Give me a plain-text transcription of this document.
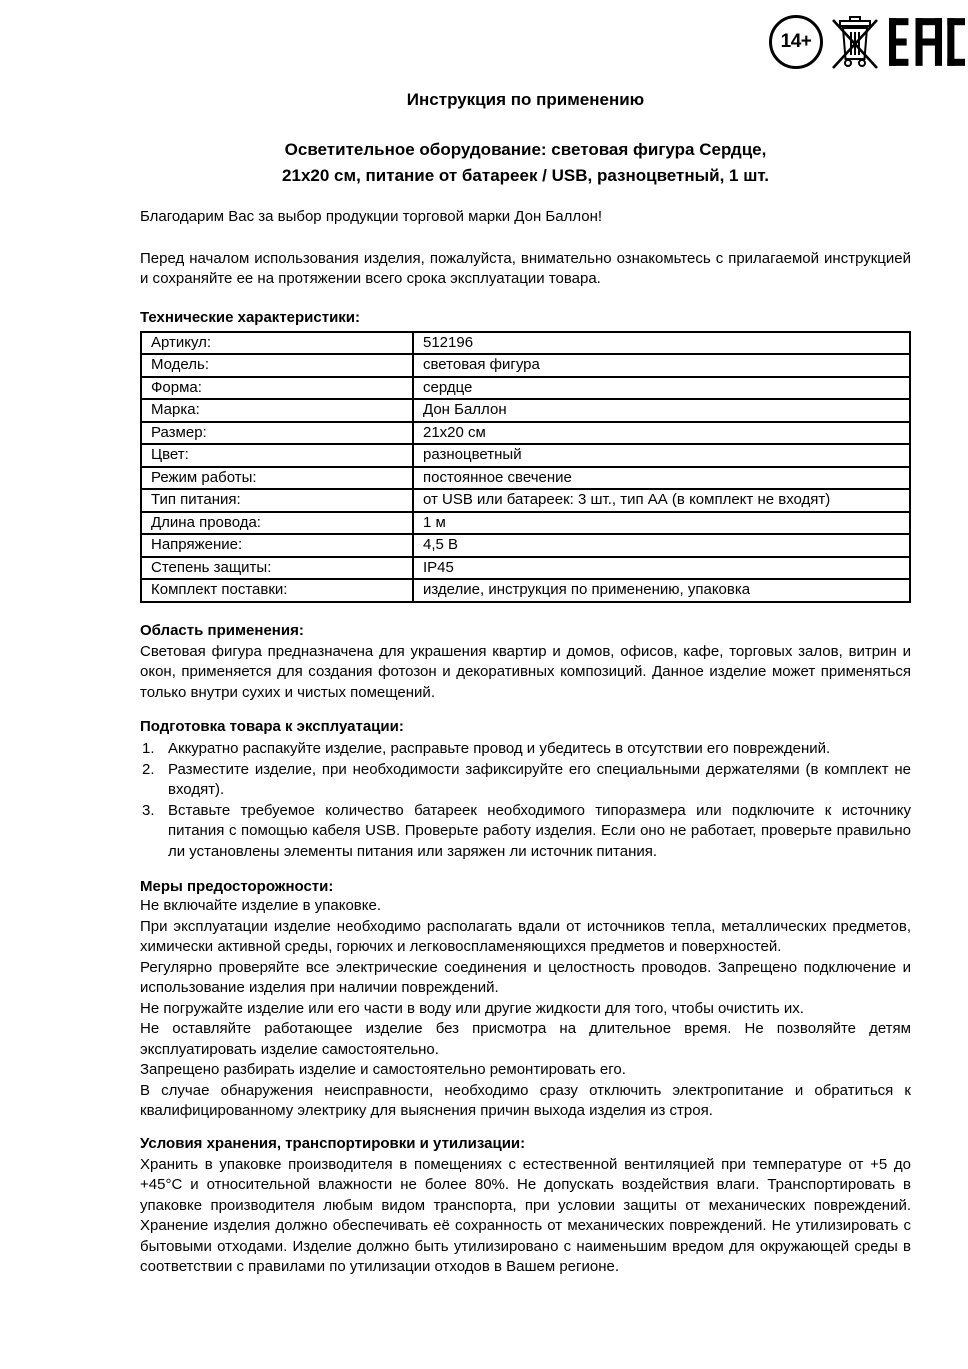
14+
Инструкция по применению
Осветительное оборудование: световая фигура Сердце,
21х20 см, питание от батареек / USB, разноцветный, 1 шт.

Благодарим Вас за выбор продукции торговой марки Дон Баллон!

Перед началом использования изделия, пожалуйста, внимательно ознакомьтесь с прилагаемой инструкцией и сохраняйте ее на протяжении всего срока эксплуатации товара.

Технические характеристики:
Артикул:	512196
Модель:	световая фигура
Форма:	сердце
Марка:	Дон Баллон
Размер:	21х20 см
Цвет:	разноцветный
Режим работы:	постоянное свечение
Тип питания:	от USB или батареек: 3 шт., тип АА (в комплект не входят)
Длина провода:	1 м
Напряжение:	4,5 В
Степень защиты:	IP45
Комплект поставки:	изделие, инструкция по применению, упаковка
Область применения:

Световая фигура предназначена для украшения квартир и домов, офисов, кафе, торговых залов, витрин и окон, применяется для создания фотозон и декоративных композиций. Данное изделие может применяться только внутри сухих и чистых помещений.

Подготовка товара к эксплуатации:
1. Аккуратно распакуйте изделие, расправьте провод и убедитесь в отсутствии его повреждений.
2. Разместите изделие, при необходимости зафиксируйте его специальными держателями (в комплект не входят).
3. Вставьте требуемое количество батареек необходимого типоразмера или подключите к источнику питания с помощью кабеля USB. Проверьте работу изделия. Если оно не работает, проверьте правильно ли установлены элементы питания или заряжен ли источник питания.
Меры предосторожности:

Не включайте изделие в упаковке.

При эксплуатации изделие необходимо располагать вдали от источников тепла, металлических предметов, химически активной среды, горючих и легковоспламеняющихся предметов и поверхностей.

Регулярно проверяйте все электрические соединения и целостность проводов. Запрещено подключение и использование изделия при наличии повреждений.

Не погружайте изделие или его части в воду или другие жидкости для того, чтобы очистить их.

Не оставляйте работающее изделие без присмотра на длительное время. Не позволяйте детям эксплуатировать изделие самостоятельно.

Запрещено разбирать изделие и самостоятельно ремонтировать его.

В случае обнаружения неисправности, необходимо сразу отключить электропитание и обратиться к квалифицированному электрику для выяснения причин выхода изделия из строя.

Условия хранения, транспортировки и утилизации:

Хранить в упаковке производителя в помещениях с естественной вентиляцией при температуре от +5 до +45°С и относительной влажности не более 80%. Не допускать воздействия влаги. Транспортировать в упаковке производителя любым видом транспорта, при условии защиты от механических повреждений. Хранение изделия должно обеспечивать её сохранность от механических повреждений. Не утилизировать с бытовыми отходами. Изделие должно быть утилизировано с наименьшим вредом для окружающей среды в соответствии с правилами по утилизации отходов в Вашем регионе.
